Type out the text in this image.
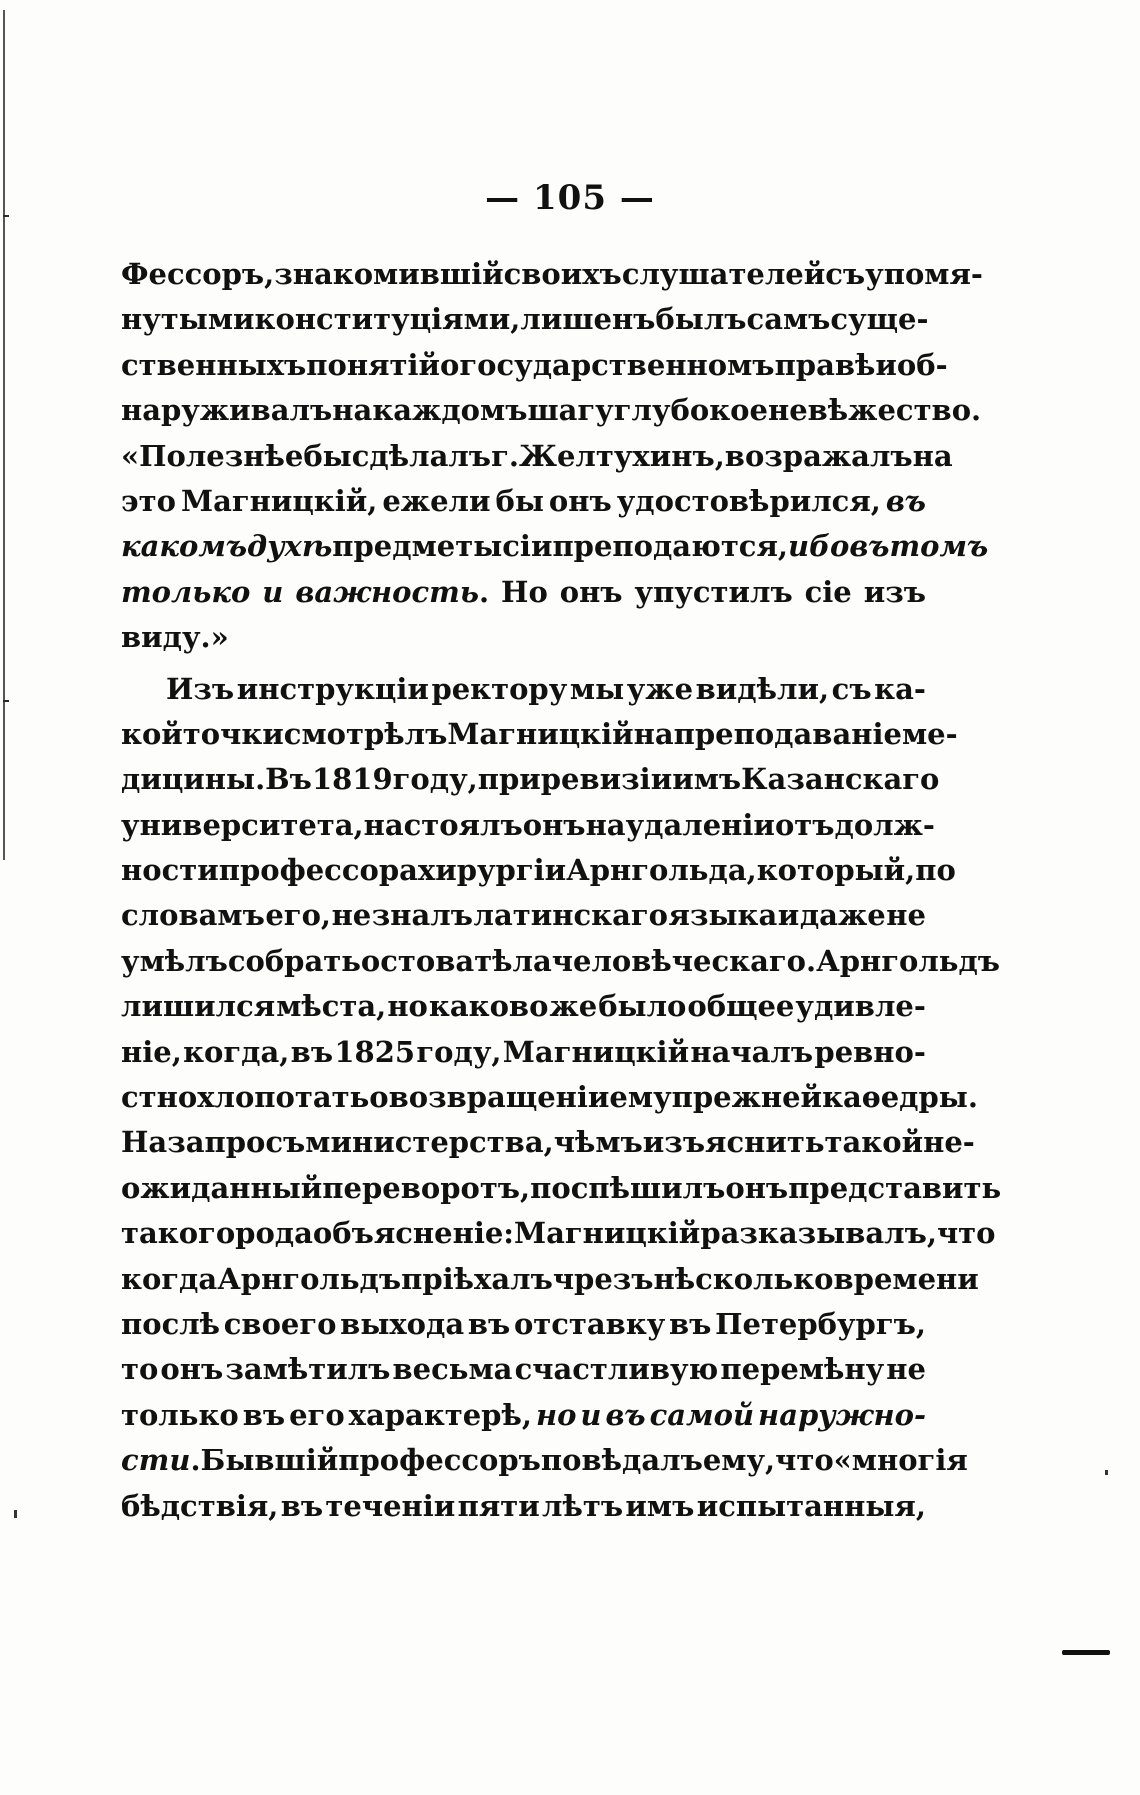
— 105 —
Фессоръ, знакомившій своихъ слушателей съ упомя-
нутыми конституціями, лишенъ былъ самъ суще-
ственныхъ понятій о государственномъ правѣ и об-
наруживалъ на каждомъ шагу глубокое невѣжество.
«Полезнѣе бы сдѣлалъ г. Желтухинъ, возражалъ на
это Магницкій, ежели бы онъ удостовѣрился, въ
какомъ духѣ предметы сіи преподаются, ибо въ томъ
только и важность. Но онъ упустилъ сіе изъ
виду.»
Изъ инструкціи ректору мы уже видѣли, съ ка-
кой точки смотрѣлъ Магницкій на преподаваніе ме-
дицины. Въ 1819 году, при ревизіи имъ Казанскаго
университета, настоялъ онъ на удаленіи отъ долж-
ности профессора хирургіи Арнгольда, который, по
словамъ его, не зналъ латинскаго языка и даже не
умѣлъ собрать остова тѣла человѣческаго. Арнгольдъ
лишился мѣста, но каково же было общее удивле-
ніе, когда, въ 1825 году, Магницкій началъ ревно-
стно хлопотать о возвращеніи ему прежней каѳедры.
На запросъ министерства, чѣмъ изъяснить такой не-
ожиданный переворотъ, поспѣшилъ онъ представить
такого рода объясненіе: Магницкій разказывалъ, что
когда Арнгольдъ пріѣхалъ чрезъ нѣсколько времени
послѣ своего выхода въ отставку въ Петербургъ,
то онъ замѣтилъ весьма счастливую перемѣну не
только въ его характерѣ, но и въ самой наружно-
сти. Бывшій профессоръ повѣдалъ ему, что «многія
бѣдствія, въ теченіи пяти лѣтъ имъ испытанныя,
